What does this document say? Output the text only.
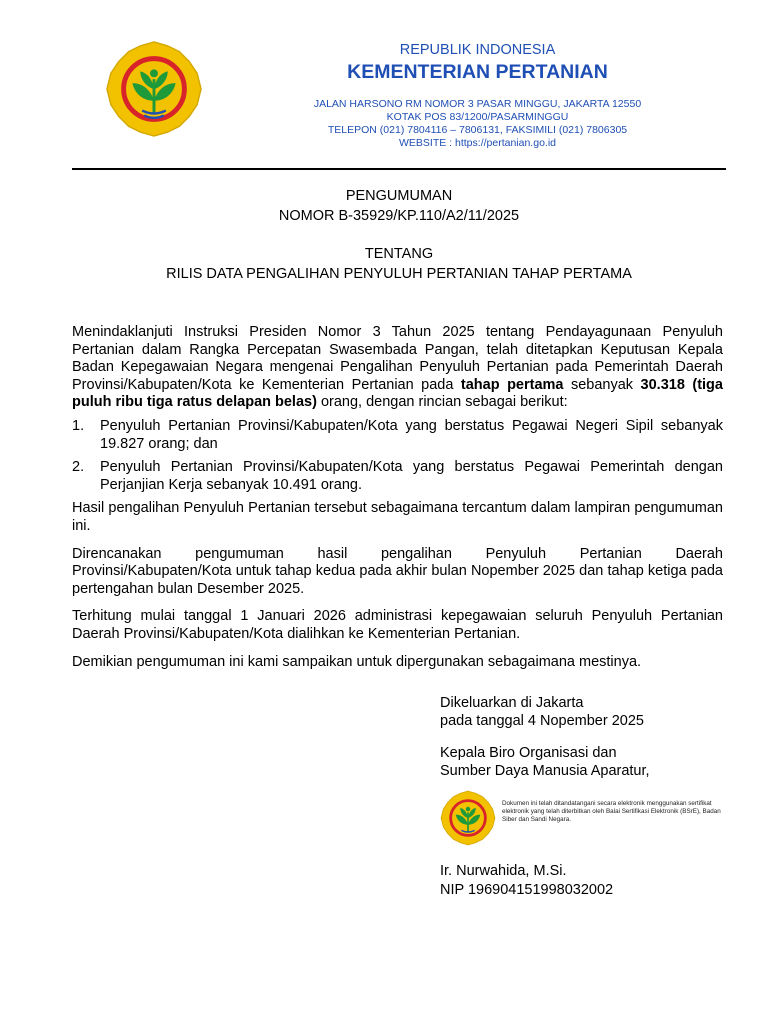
REPUBLIK INDONESIA
KEMENTERIAN PERTANIAN
JALAN HARSONO RM NOMOR 3 PASAR MINGGU, JAKARTA 12550
KOTAK POS 83/1200/PASARMINGGU
TELEPON (021) 7804116 – 7806131, FAKSIMILI (021) 7806305
WEBSITE : https://pertanian.go.id
PENGUMUMAN
NOMOR B-35929/KP.110/A2/11/2025
TENTANG
RILIS DATA PENGALIHAN PENYULUH PERTANIAN TAHAP PERTAMA

Menindaklanjuti Instruksi Presiden Nomor 3 Tahun 2025 tentang Pendayagunaan Penyuluh Pertanian dalam Rangka Percepatan Swasembada Pangan, telah ditetapkan Keputusan Kepala Badan Kepegawaian Negara mengenai Pengalihan Penyuluh Pertanian pada Pemerintah Daerah Provinsi/Kabupaten/Kota ke Kementerian Pertanian pada tahap pertama sebanyak 30.318 (tiga puluh ribu tiga ratus delapan belas) orang, dengan rincian sebagai berikut:

1.	Penyuluh Pertanian Provinsi/Kabupaten/Kota yang berstatus Pegawai Negeri Sipil sebanyak 19.827 orang; dan
2.	Penyuluh Pertanian Provinsi/Kabupaten/Kota yang berstatus Pegawai Pemerintah dengan Perjanjian Kerja sebanyak 10.491 orang.

Hasil pengalihan Penyuluh Pertanian tersebut sebagaimana tercantum dalam lampiran pengumuman ini.

Direncanakan pengumuman hasil pengalihan Penyuluh Pertanian Daerah

Provinsi/Kabupaten/Kota untuk tahap kedua pada akhir bulan Nopember 2025 dan tahap ketiga pada pertengahan bulan Desember 2025.

Terhitung mulai tanggal 1 Januari 2026 administrasi kepegawaian seluruh Penyuluh Pertanian Daerah Provinsi/Kabupaten/Kota dialihkan ke Kementerian Pertanian.

Demikian pengumuman ini kami sampaikan untuk dipergunakan sebagaimana mestinya.

Dikeluarkan di Jakarta
pada tanggal 4 Nopember 2025
Kepala Biro Organisasi dan
Sumber Daya Manusia Aparatur,
Dokumen ini telah ditandatangani secara elektronik menggunakan sertifikat elektronik yang telah diterbitkan oleh Balai Sertifikasi Elektronik (BSrE), Badan Siber dan Sandi Negara.
Ir. Nurwahida, M.Si.
NIP 196904151998032002
